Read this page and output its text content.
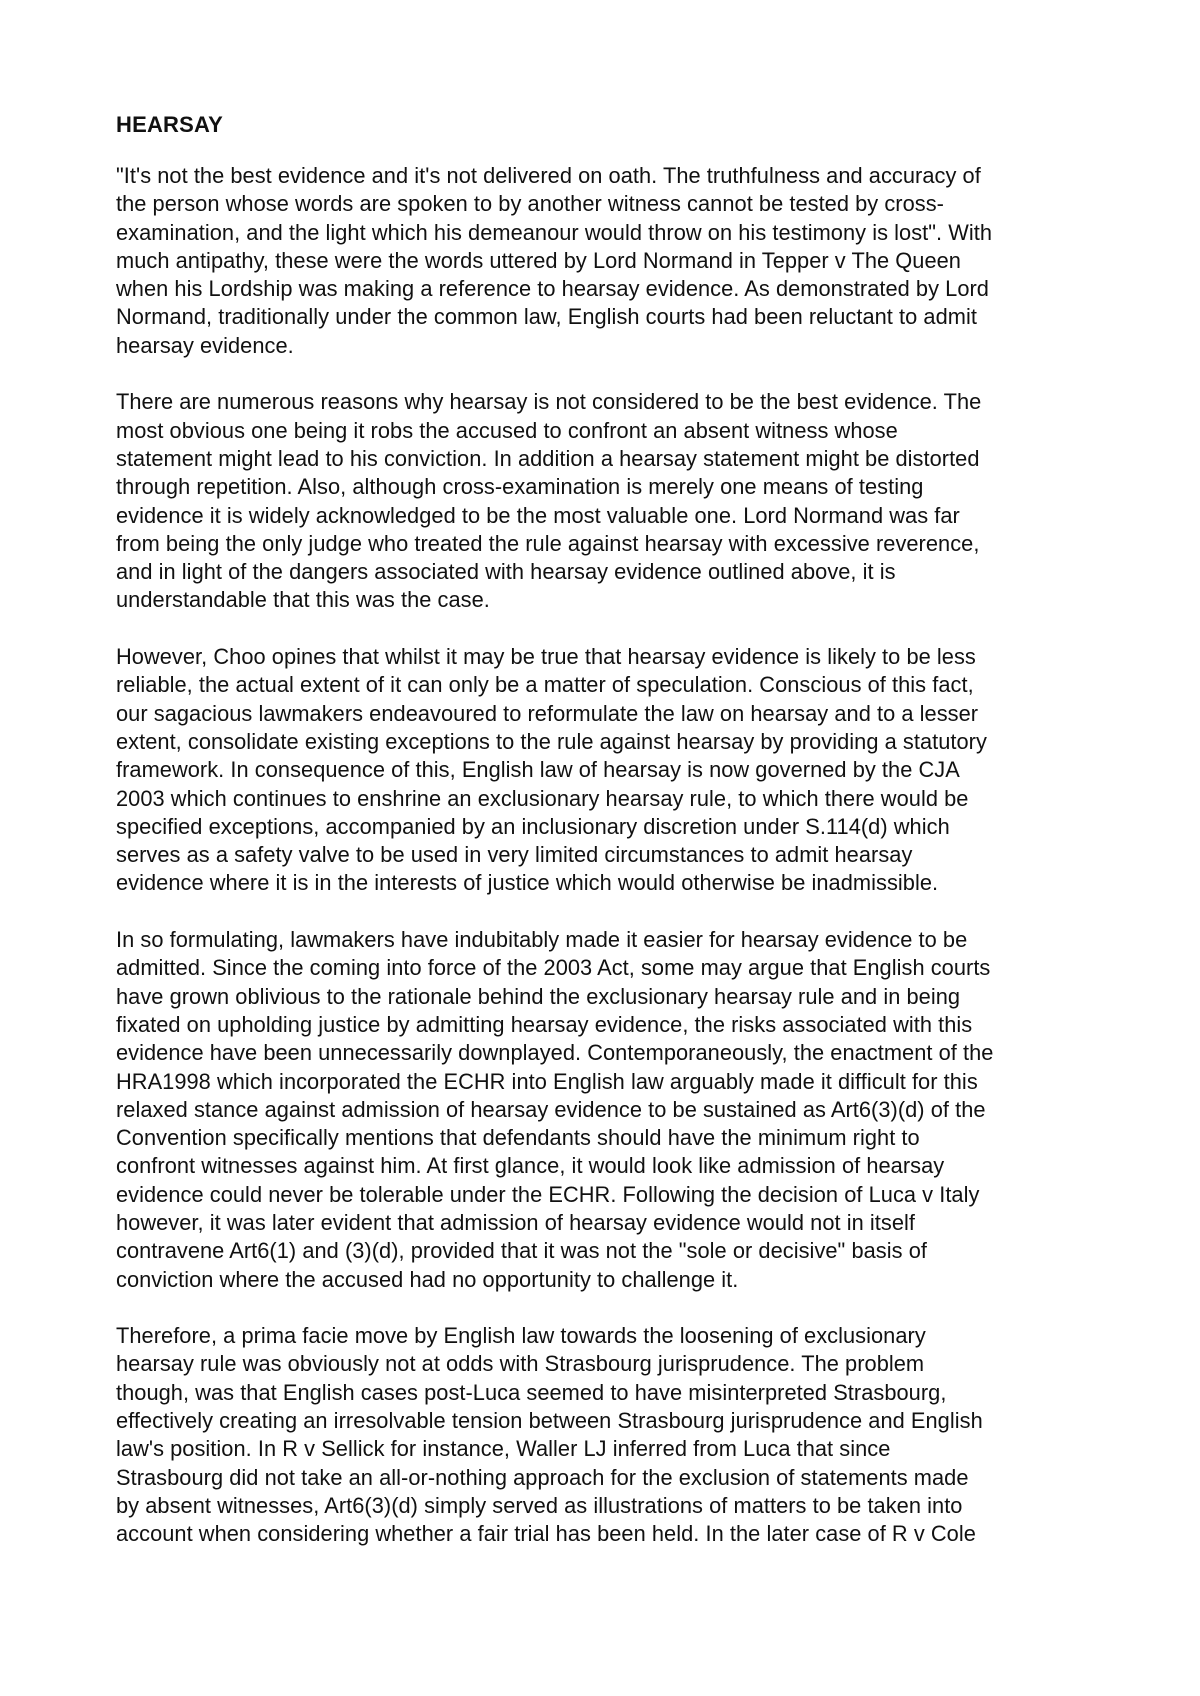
HEARSAY
"It's not the best evidence and it's not delivered on oath. The truthfulness and accuracy of
the person whose words are spoken to by another witness cannot be tested by cross-
examination, and the light which his demeanour would throw on his testimony is lost". With
much antipathy, these were the words uttered by Lord Normand in Tepper v The Queen
when his Lordship was making a reference to hearsay evidence. As demonstrated by Lord
Normand, traditionally under the common law, English courts had been reluctant to admit
hearsay evidence.
There are numerous reasons why hearsay is not considered to be the best evidence. The
most obvious one being it robs the accused to confront an absent witness whose
statement might lead to his conviction. In addition a hearsay statement might be distorted
through repetition. Also, although cross-examination is merely one means of testing
evidence it is widely acknowledged to be the most valuable one. Lord Normand was far
from being the only judge who treated the rule against hearsay with excessive reverence,
and in light of the dangers associated with hearsay evidence outlined above, it is
understandable that this was the case.
However, Choo opines that whilst it may be true that hearsay evidence is likely to be less
reliable, the actual extent of it can only be a matter of speculation. Conscious of this fact,
our sagacious lawmakers endeavoured to reformulate the law on hearsay and to a lesser
extent, consolidate existing exceptions to the rule against hearsay by providing a statutory
framework. In consequence of this, English law of hearsay is now governed by the CJA
2003 which continues to enshrine an exclusionary hearsay rule, to which there would be
specified exceptions, accompanied by an inclusionary discretion under S.114(d) which
serves as a safety valve to be used in very limited circumstances to admit hearsay
evidence where it is in the interests of justice which would otherwise be inadmissible.
In so formulating, lawmakers have indubitably made it easier for hearsay evidence to be
admitted. Since the coming into force of the 2003 Act, some may argue that English courts
have grown oblivious to the rationale behind the exclusionary hearsay rule and in being
fixated on upholding justice by admitting hearsay evidence, the risks associated with this
evidence have been unnecessarily downplayed. Contemporaneously, the enactment of the
HRA1998 which incorporated the ECHR into English law arguably made it difficult for this
relaxed stance against admission of hearsay evidence to be sustained as Art6(3)(d) of the
Convention specifically mentions that defendants should have the minimum right to
confront witnesses against him. At first glance, it would look like admission of hearsay
evidence could never be tolerable under the ECHR. Following the decision of Luca v Italy
however, it was later evident that admission of hearsay evidence would not in itself
contravene Art6(1) and (3)(d), provided that it was not the "sole or decisive" basis of
conviction where the accused had no opportunity to challenge it.
Therefore, a prima facie move by English law towards the loosening of exclusionary
hearsay rule was obviously not at odds with Strasbourg jurisprudence. The problem
though, was that English cases post-Luca seemed to have misinterpreted Strasbourg,
effectively creating an irresolvable tension between Strasbourg jurisprudence and English
law's position. In R v Sellick for instance, Waller LJ inferred from Luca that since
Strasbourg did not take an all-or-nothing approach for the exclusion of statements made
by absent witnesses, Art6(3)(d) simply served as illustrations of matters to be taken into
account when considering whether a fair trial has been held. In the later case of R v Cole
